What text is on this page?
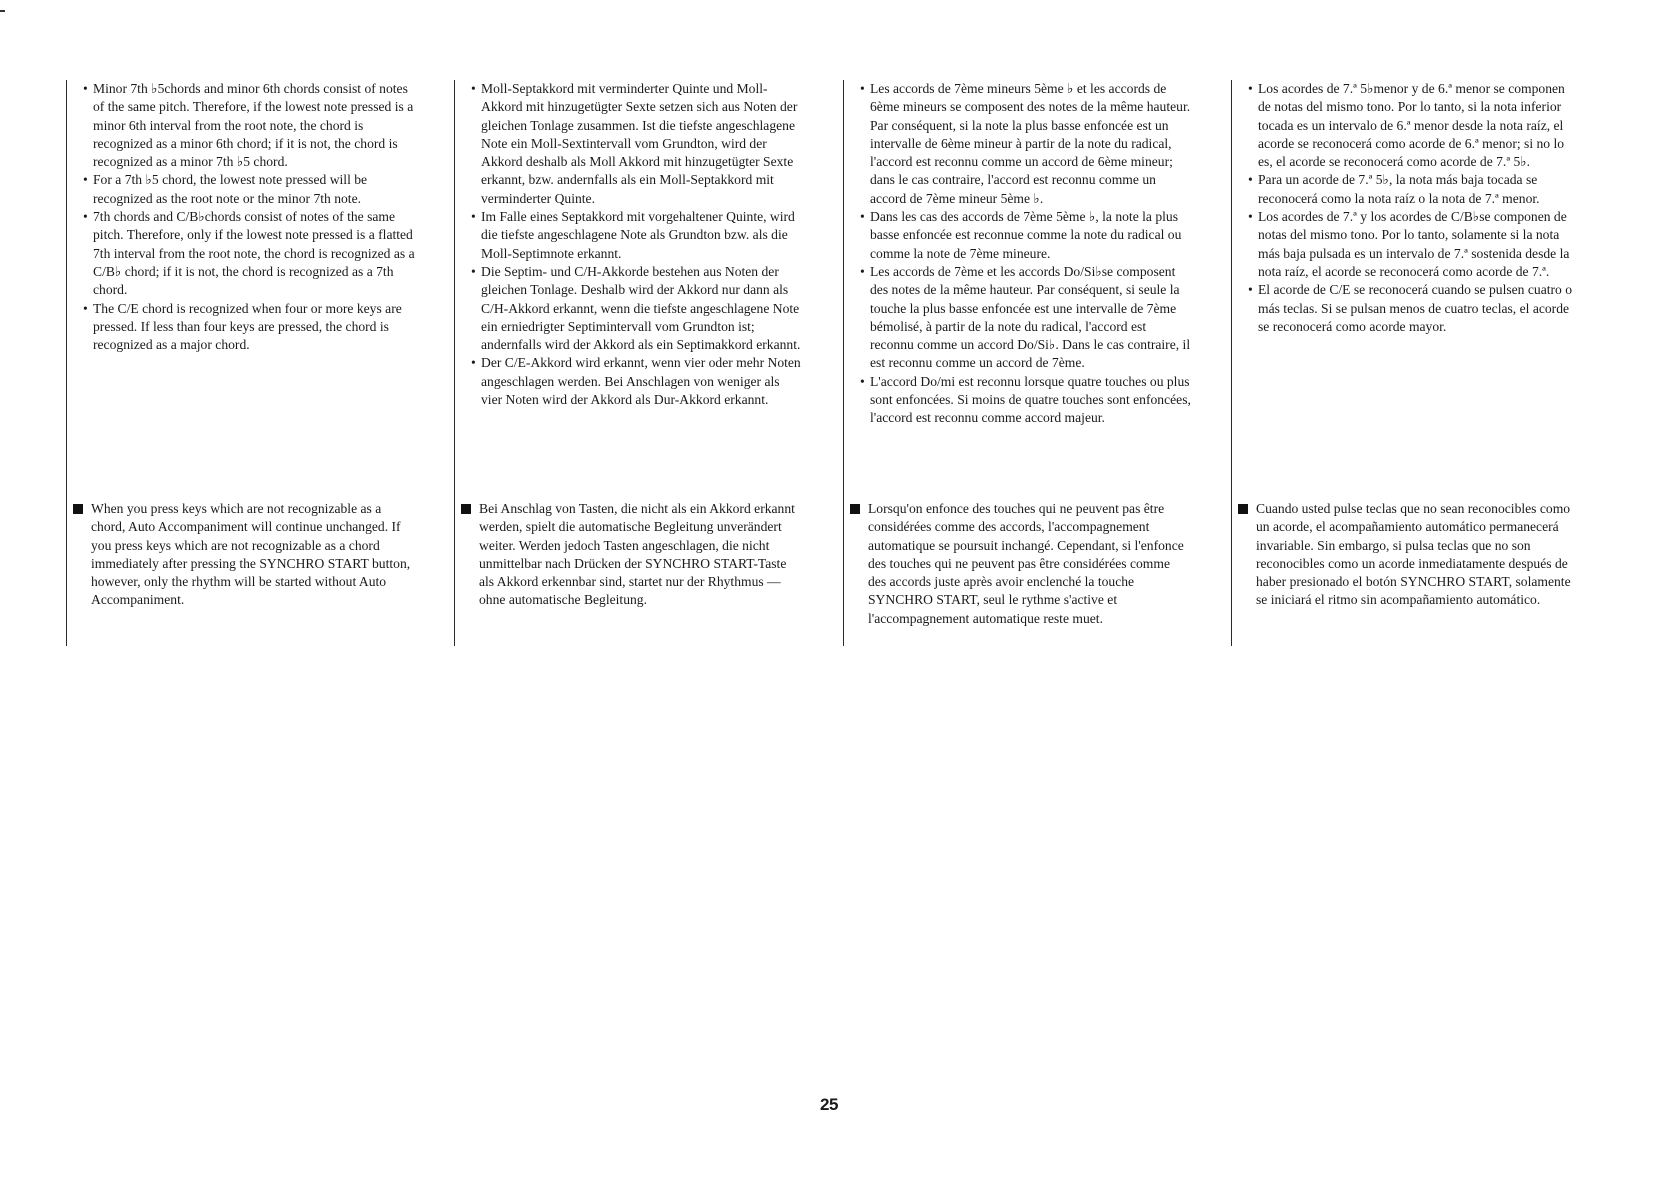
• Minor 7th ♭5chords and minor 6th chords consist of notes of the same pitch. Therefore, if the lowest note pressed is a minor 6th interval from the root note, the chord is recognized as a minor 6th chord; if it is not, the chord is recognized as a minor 7th ♭5 chord.
• For a 7th ♭5 chord, the lowest note pressed will be recognized as the root note or the minor 7th note.
• 7th chords and C/B♭chords consist of notes of the same pitch. Therefore, only if the lowest note pressed is a flatted 7th interval from the root note, the chord is recognized as a C/B♭ chord; if it is not, the chord is recognized as a 7th chord.
• The C/E chord is recognized when four or more keys are pressed. If less than four keys are pressed, the chord is recognized as a major chord.
When you press keys which are not recognizable as a chord, Auto Accompaniment will continue unchanged. If you press keys which are not recognizable as a chord immediately after pressing the SYNCHRO START button, however, only the rhythm will be started without Auto Accompaniment.
• Moll-Septakkord mit verminderter Quinte und Moll-Akkord mit hinzugetügter Sexte setzen sich aus Noten der gleichen Tonlage zusammen. Ist die tiefste angeschlagene Note ein Moll-Sextintervall vom Grundton, wird der Akkord deshalb als Moll Akkord mit hinzugetügter Sexte erkannt, bzw. andernfalls als ein Moll-Septakkord mit verminderter Quinte.
• Im Falle eines Septakkord mit vorgehaltener Quinte, wird die tiefste angeschlagene Note als Grundton bzw. als die Moll-Septimnote erkannt.
• Die Septim- und C/H-Akkorde bestehen aus Noten der gleichen Tonlage. Deshalb wird der Akkord nur dann als C/H-Akkord erkannt, wenn die tiefste angeschlagene Note ein erniedrigter Septimintervall vom Grundton ist; andernfalls wird der Akkord als ein Septimakkord erkannt.
• Der C/E-Akkord wird erkannt, wenn vier oder mehr Noten angeschlagen werden. Bei Anschlagen von weniger als vier Noten wird der Akkord als Dur-Akkord erkannt.
Bei Anschlag von Tasten, die nicht als ein Akkord erkannt werden, spielt die automatische Begleitung unverändert weiter. Werden jedoch Tasten angeschlagen, die nicht unmittelbar nach Drücken der SYNCHRO START-Taste als Akkord erkennbar sind, startet nur der Rhythmus — ohne automatische Begleitung.
• Les accords de 7ème mineurs 5ème ♭ et les accords de 6ème mineurs se composent des notes de la même hauteur. Par conséquent, si la note la plus basse enfoncée est un intervalle de 6ème mineur à partir de la note du radical, l'accord est reconnu comme un accord de 6ème mineur; dans le cas contraire, l'accord est reconnu comme un accord de 7ème mineur 5ème ♭.
• Dans les cas des accords de 7ème 5ème ♭, la note la plus basse enfoncée est reconnue comme la note du radical ou comme la note de 7ème mineure.
• Les accords de 7ème et les accords Do/Si♭se composent des notes de la même hauteur. Par conséquent, si seule la touche la plus basse enfoncée est une intervalle de 7ème bémolisé, à partir de la note du radical, l'accord est reconnu comme un accord Do/Si♭. Dans le cas contraire, il est reconnu comme un accord de 7ème.
• L'accord Do/mi est reconnu lorsque quatre touches ou plus sont enfoncées. Si moins de quatre touches sont enfoncées, l'accord est reconnu comme accord majeur.
Lorsqu'on enfonce des touches qui ne peuvent pas être considérées comme des accords, l'accompagnement automatique se poursuit inchangé. Cependant, si l'enfonce des touches qui ne peuvent pas être considérées comme des accords juste après avoir enclenché la touche SYNCHRO START, seul le rythme s'active et l'accompagnement automatique reste muet.
• Los acordes de 7.ª 5♭menor y de 6.ª menor se componen de notas del mismo tono. Por lo tanto, si la nota inferior tocada es un intervalo de 6.ª menor desde la nota raíz, el acorde se reconocerá como acorde de 6.ª menor; si no lo es, el acorde se reconocerá como acorde de 7.ª 5♭.
• Para un acorde de 7.ª 5♭, la nota más baja tocada se reconocerá como la nota raíz o la nota de 7.ª menor.
• Los acordes de 7.ª y los acordes de C/B♭se componen de notas del mismo tono. Por lo tanto, solamente si la nota más baja pulsada es un intervalo de 7.ª sostenida desde la nota raíz, el acorde se reconocerá como acorde de 7.ª.
• El acorde de C/E se reconocerá cuando se pulsen cuatro o más teclas. Si se pulsan menos de cuatro teclas, el acorde se reconocerá como acorde mayor.
Cuando usted pulse teclas que no sean reconocibles como un acorde, el acompañamiento automático permanecerá invariable. Sin embargo, si pulsa teclas que no son reconocibles como un acorde inmediatamente después de haber presionado el botón SYNCHRO START, solamente se iniciará el ritmo sin acompañamiento automático.
25
